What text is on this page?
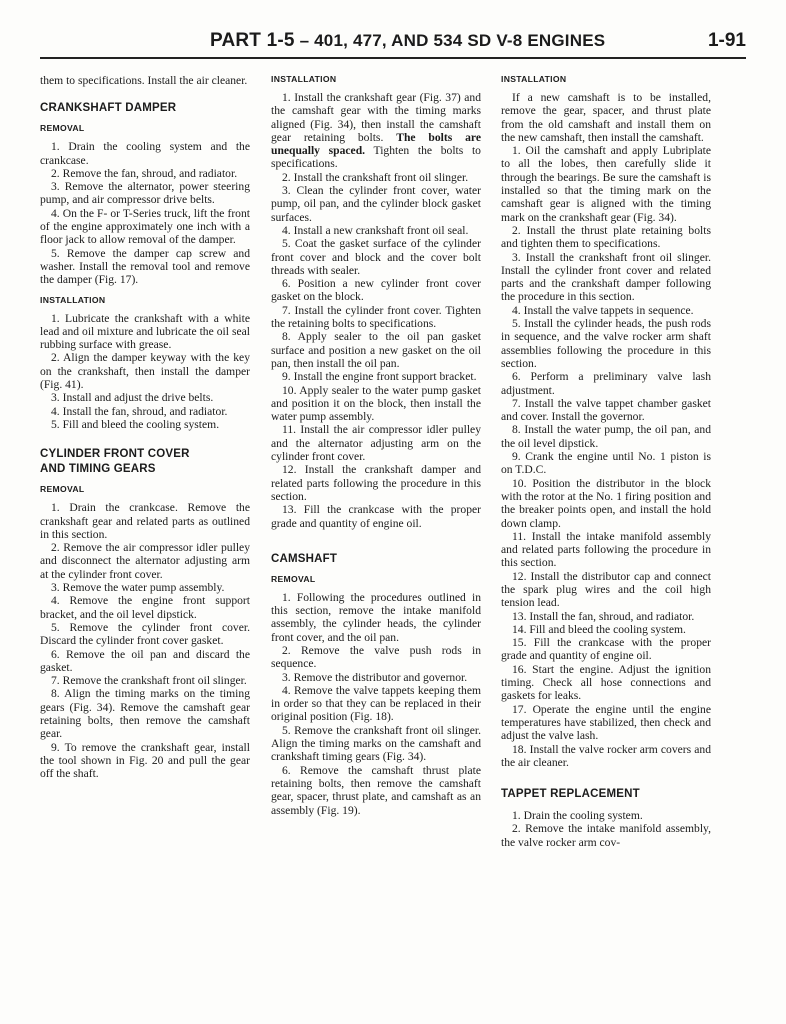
PART 1-5 – 401, 477, AND 534 SD V-8 ENGINES	1-91

them to specifications. Install the air cleaner.

CRANKSHAFT DAMPER
REMOVAL

1. Drain the cooling system and the crankcase.

2. Remove the fan, shroud, and radiator.

3. Remove the alternator, power steering pump, and air compressor drive belts.

4. On the F- or T-Series truck, lift the front of the engine approximately one inch with a floor jack to allow removal of the damper.

5. Remove the damper cap screw and washer. Install the removal tool and remove the damper (Fig. 17).

INSTALLATION

1. Lubricate the crankshaft with a white lead and oil mixture and lubricate the oil seal rubbing surface with grease.

2. Align the damper keyway with the key on the crankshaft, then install the damper (Fig. 41).

3. Install and adjust the drive belts.

4. Install the fan, shroud, and radiator.

5. Fill and bleed the cooling system.

CYLINDER FRONT COVER
AND TIMING GEARS
REMOVAL

1. Drain the crankcase. Remove the crankshaft gear and related parts as outlined in this section.

2. Remove the air compressor idler pulley and disconnect the alternator adjusting arm at the cylinder front cover.

3. Remove the water pump assembly.

4. Remove the engine front support bracket, and the oil level dipstick.

5. Remove the cylinder front cover. Discard the cylinder front cover gasket.

6. Remove the oil pan and discard the gasket.

7. Remove the crankshaft front oil slinger.

8. Align the timing marks on the timing gears (Fig. 34). Remove the camshaft gear retaining bolts, then remove the camshaft gear.

9. To remove the crankshaft gear, install the tool shown in Fig. 20 and pull the gear off the shaft.

INSTALLATION

1. Install the crankshaft gear (Fig. 37) and the camshaft gear with the timing marks aligned (Fig. 34), then install the camshaft gear retaining bolts. The bolts are unequally spaced. Tighten the bolts to specifications.

2. Install the crankshaft front oil slinger.

3. Clean the cylinder front cover, water pump, oil pan, and the cylinder block gasket surfaces.

4. Install a new crankshaft front oil seal.

5. Coat the gasket surface of the cylinder front cover and block and the cover bolt threads with sealer.

6. Position a new cylinder front cover gasket on the block.

7. Install the cylinder front cover. Tighten the retaining bolts to specifications.

8. Apply sealer to the oil pan gasket surface and position a new gasket on the oil pan, then install the oil pan.

9. Install the engine front support bracket.

10. Apply sealer to the water pump gasket and position it on the block, then install the water pump assembly.

11. Install the air compressor idler pulley and the alternator adjusting arm on the cylinder front cover.

12. Install the crankshaft damper and related parts following the procedure in this section.

13. Fill the crankcase with the proper grade and quantity of engine oil.

CAMSHAFT
REMOVAL

1. Following the procedures outlined in this section, remove the intake manifold assembly, the cylinder heads, the cylinder front cover, and the oil pan.

2. Remove the valve push rods in sequence.

3. Remove the distributor and governor.

4. Remove the valve tappets keeping them in order so that they can be replaced in their original position (Fig. 18).

5. Remove the crankshaft front oil slinger. Align the timing marks on the camshaft and crankshaft timing gears (Fig. 34).

6. Remove the camshaft thrust plate retaining bolts, then remove the camshaft gear, spacer, thrust plate, and camshaft as an assembly (Fig. 19).

INSTALLATION

If a new camshaft is to be installed, remove the gear, spacer, and thrust plate from the old camshaft and install them on the new camshaft, then install the camshaft.

1. Oil the camshaft and apply Lubriplate to all the lobes, then carefully slide it through the bearings. Be sure the camshaft is installed so that the timing mark on the camshaft gear is aligned with the timing mark on the crankshaft gear (Fig. 34).

2. Install the thrust plate retaining bolts and tighten them to specifications.

3. Install the crankshaft front oil slinger. Install the cylinder front cover and related parts and the crankshaft damper following the procedure in this section.

4. Install the valve tappets in sequence.

5. Install the cylinder heads, the push rods in sequence, and the valve rocker arm shaft assemblies following the procedure in this section.

6. Perform a preliminary valve lash adjustment.

7. Install the valve tappet chamber gasket and cover. Install the governor.

8. Install the water pump, the oil pan, and the oil level dipstick.

9. Crank the engine until No. 1 piston is on T.D.C.

10. Position the distributor in the block with the rotor at the No. 1 firing position and the breaker points open, and install the hold down clamp.

11. Install the intake manifold assembly and related parts following the procedure in this section.

12. Install the distributor cap and connect the spark plug wires and the coil high tension lead.

13. Install the fan, shroud, and radiator.

14. Fill and bleed the cooling system.

15. Fill the crankcase with the proper grade and quantity of engine oil.

16. Start the engine. Adjust the ignition timing. Check all hose connections and gaskets for leaks.

17. Operate the engine until the engine temperatures have stabilized, then check and adjust the valve lash.

18. Install the valve rocker arm covers and the air cleaner.

TAPPET REPLACEMENT

1. Drain the cooling system.

2. Remove the intake manifold assembly, the valve rocker arm cov-
